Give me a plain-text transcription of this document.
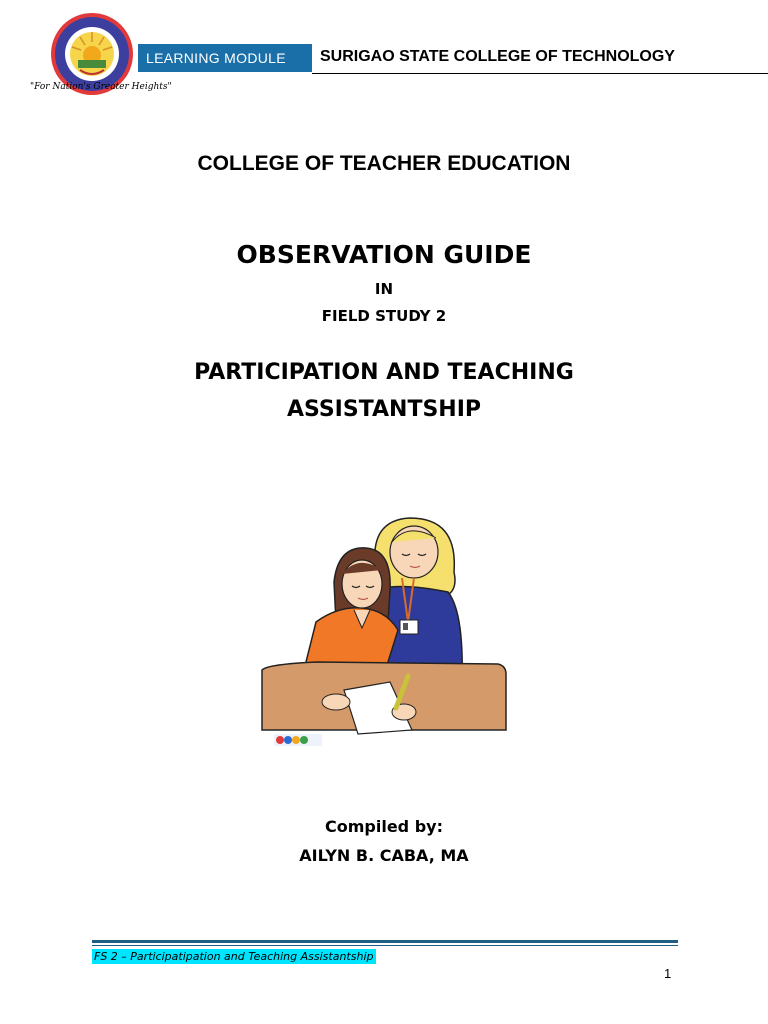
"For Nation's Greater Heights"
LEARNING MODULE	SURIGAO STATE COLLEGE OF TECHNOLOGY
COLLEGE OF TEACHER EDUCATION
OBSERVATION GUIDE
IN
FIELD STUDY 2
PARTICIPATION AND TEACHING
ASSISTANTSHIP
Compiled by:
AILYN B. CABA, MA
FS 2 – Participatipation and Teaching Assistantship
1
